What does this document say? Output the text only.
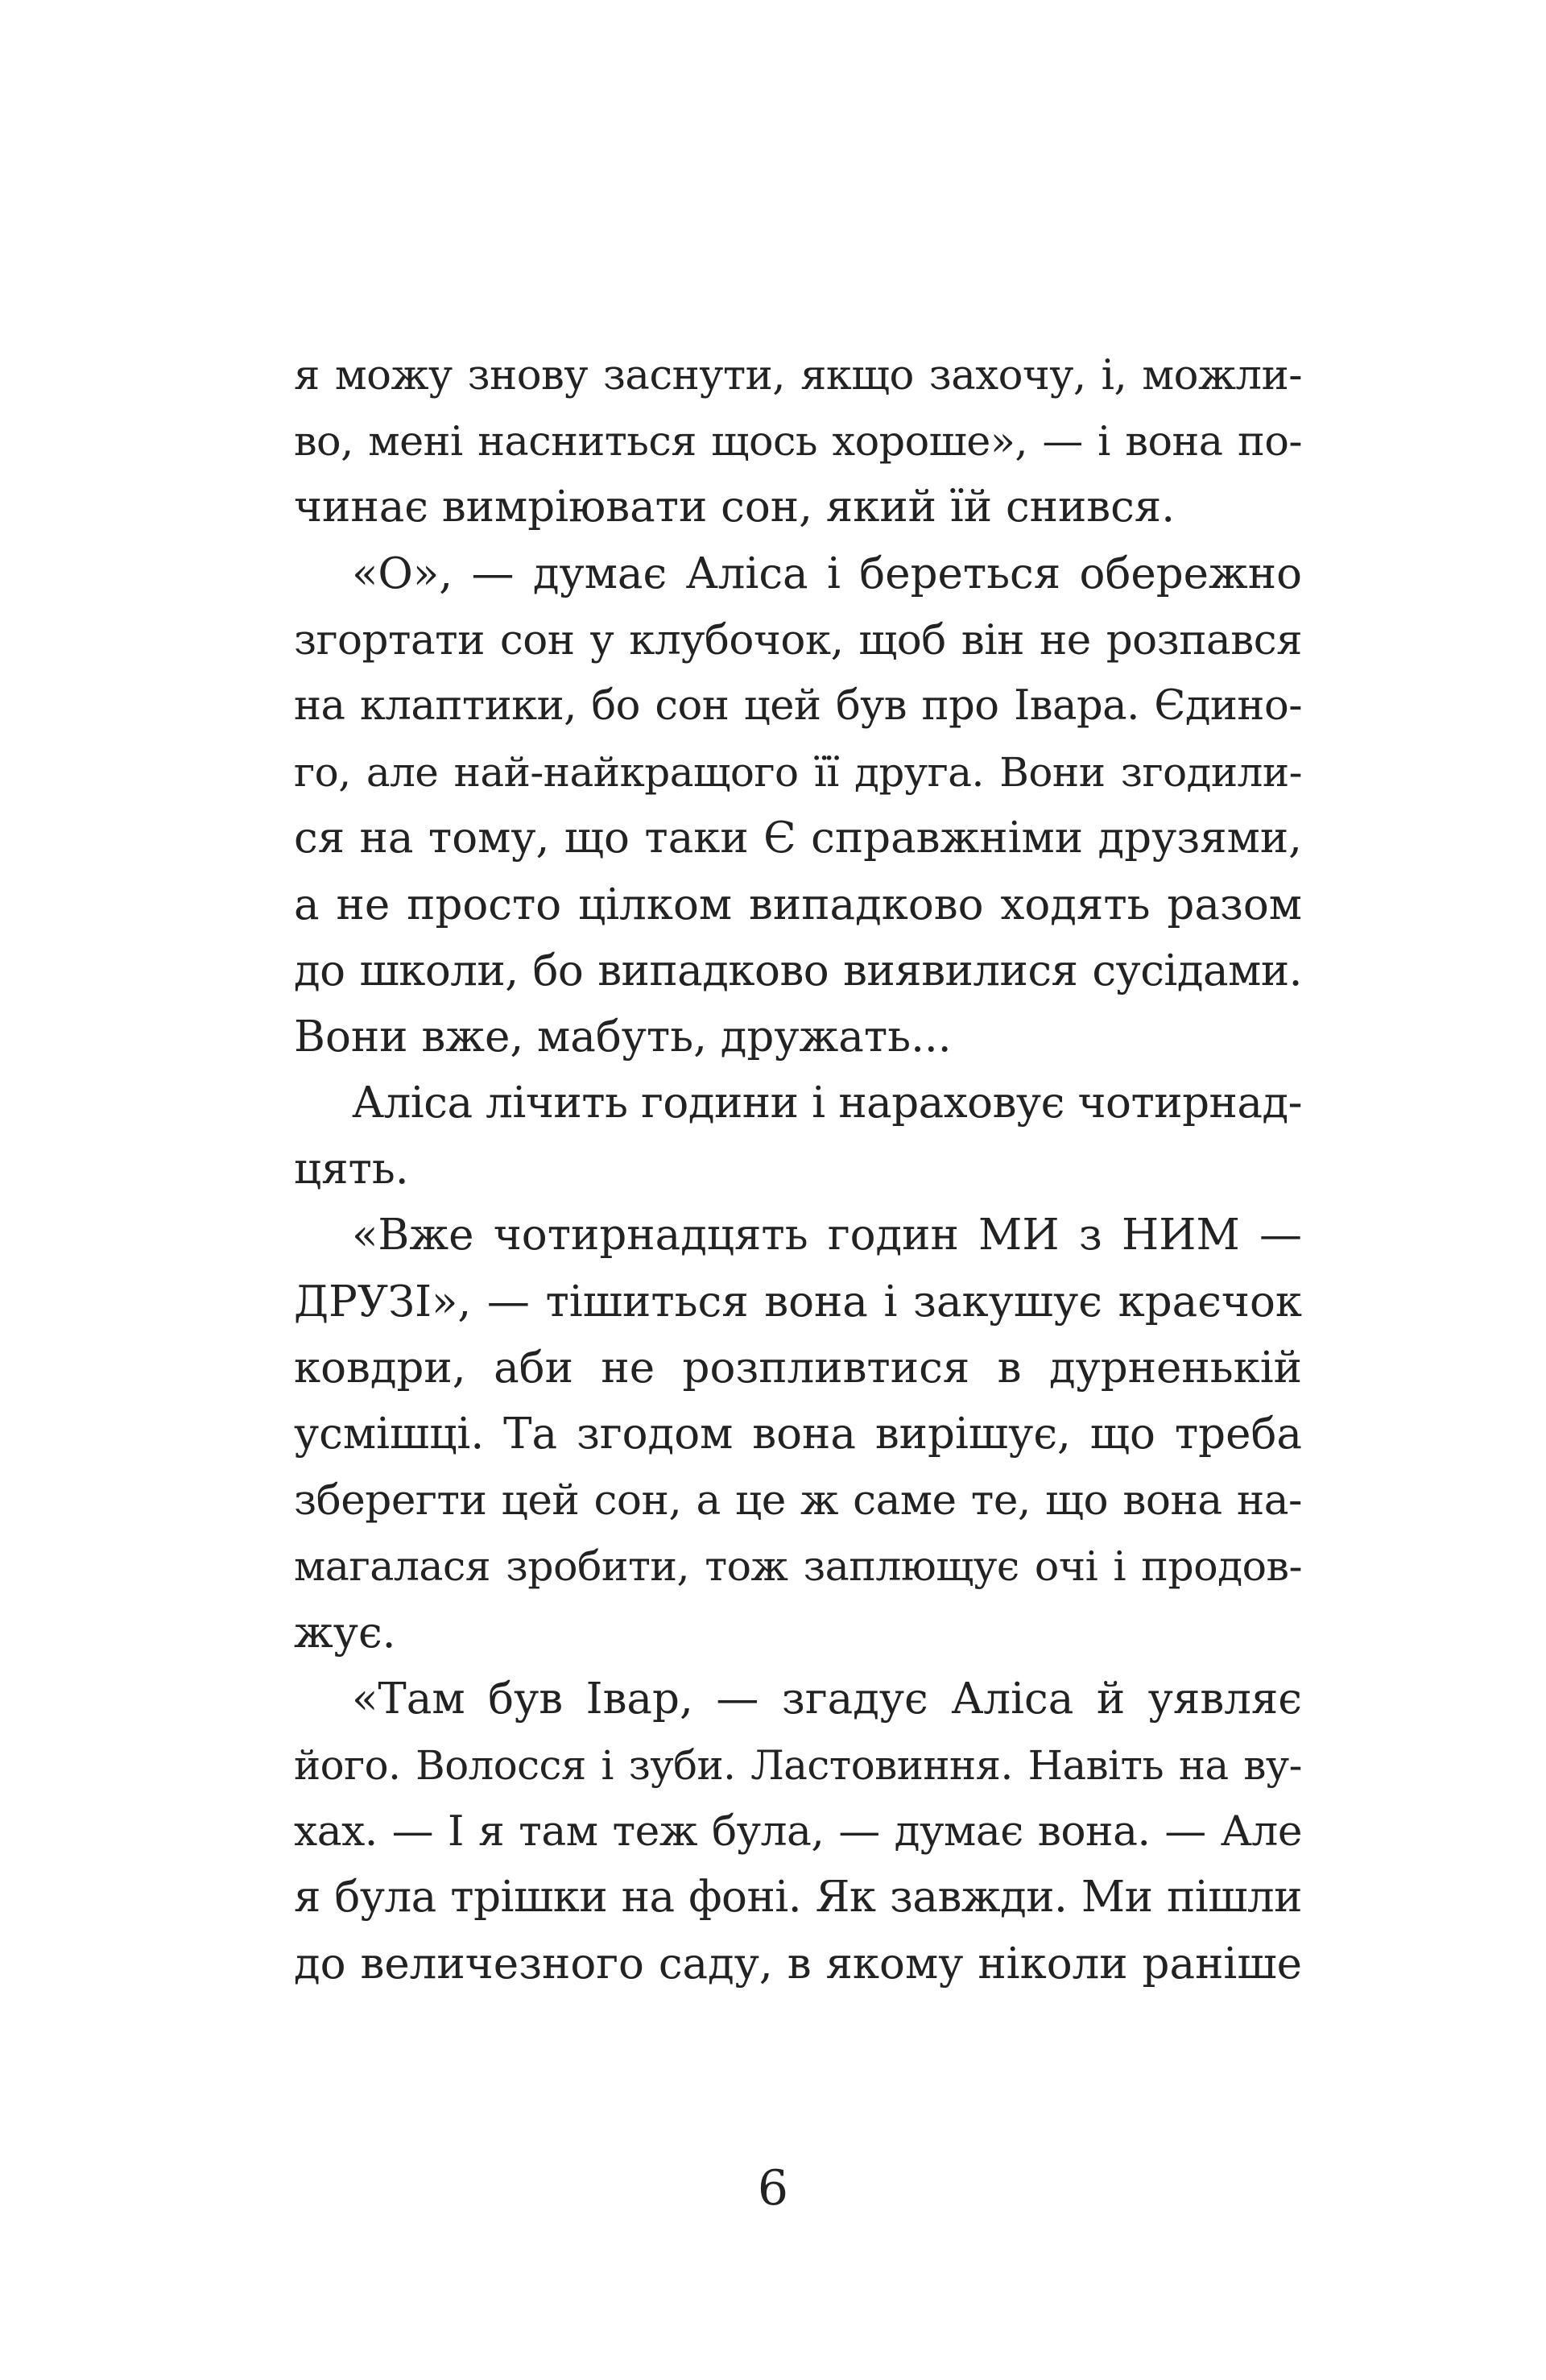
я можу знову заснути, якщо захочу, і, можли-
во, мені насниться щось хороше», — і вона по-
чинає вимріювати сон, який їй снився.
«О», — думає Аліса і береться обережно
згортати сон у клубочок, щоб він не розпався
на клаптики, бо сон цей був про Івара. Єдино-
го, але най-найкращого її друга. Вони згодили-
ся на тому, що таки Є справжніми друзями,
а не просто цілком випадково ходять разом
до школи, бо випадково виявилися сусідами.
Вони вже, мабуть, дружать...
Аліса лічить години і нараховує чотирнад-
цять.
«Вже чотирнадцять годин МИ з НИМ —
ДРУЗІ», — тішиться вона і закушує краєчок
ковдри, аби не розпливтися в дурненькій
усмішці. Та згодом вона вирішує, що треба
зберегти цей сон, а це ж саме те, що вона на-
магалася зробити, тож заплющує очі і продов-
жує.
«Там був Івар, — згадує Аліса й уявляє
його. Волосся і зуби. Ластовиння. Навіть на ву-
хах. — І я там теж була, — думає вона. — Але
я була трішки на фоні. Як завжди. Ми пішли
до величезного саду, в якому ніколи раніше
6
